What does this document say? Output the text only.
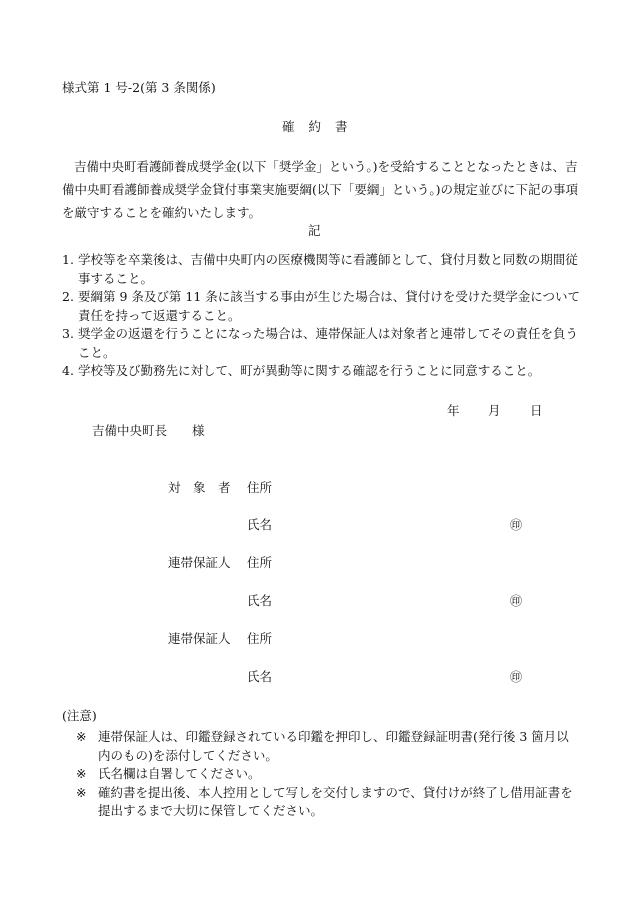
様式第 1 号-2(第 3 条関係)
確約書
吉備中央町看護師養成奨学金(以下「奨学金」という。)を受給することとなったときは、吉備中央町看護師養成奨学金貸付事業実施要綱(以下「要綱」という。)の規定並びに下記の事項を厳守することを確約いたします。
記
1. 学校等を卒業後は、吉備中央町内の医療機関等に看護師として、貸付月数と同数の期間従事すること。
2. 要綱第 9 条及び第 11 条に該当する事由が生じた場合は、貸付けを受けた奨学金について責任を持って返還すること。
3. 奨学金の返還を行うことになった場合は、連帯保証人は対象者と連帯してその責任を負うこと。
4. 学校等及び勤務先に対して、町が異動等に関する確認を行うことに同意すること。
年 月 日
吉備中央町長　　様
対　象　者 住所
氏名	㊞
連帯保証人 住所
氏名	㊞
連帯保証人 住所
氏名	㊞
(注意)
※ 連帯保証人は、印鑑登録されている印鑑を押印し、印鑑登録証明書(発行後 3 箇月以内のもの)を添付してください。
※ 氏名欄は自署してください。
※ 確約書を提出後、本人控用として写しを交付しますので、貸付けが終了し借用証書を提出するまで大切に保管してください。
